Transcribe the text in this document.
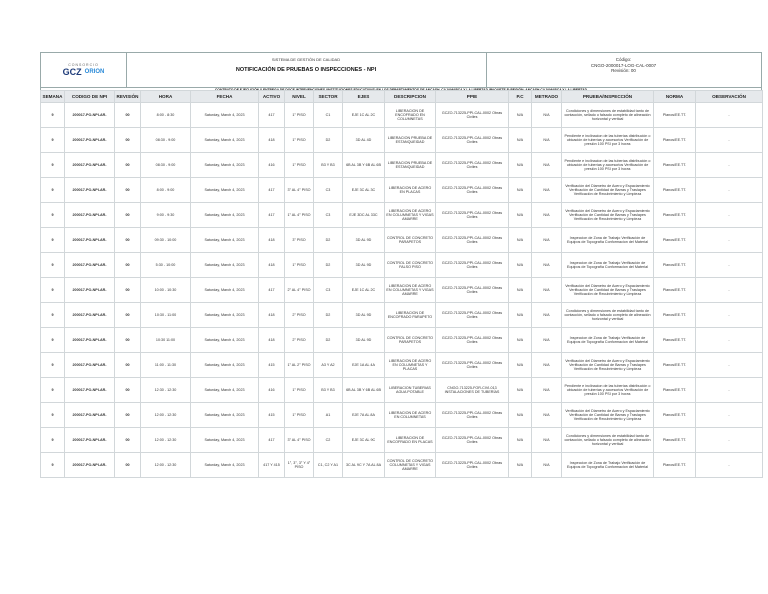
CONSORCIO
GCZ ORION
SISTEMA DE GESTIÓN DE CALIDAD
NOTIFICACIÓN DE PRUEBAS O INSPECCIONES - NPI
Código:
CNGO-2000017-LOG-CAL-0007
Revisión: 00
SEMANA	CODIGO DE NPI	REVISIÓN	HORA	FECHA	ACTIVO	NIVEL	SECTOR	EJES	DESCRIPCION	PPIE	P.C	METRADO	PRUEBA/INSPECCIÓN	NORMA	OBSERVACIÓN
9	200017-PO-NPI-AR-	00	8:00 - 8:30	Saturday, March 4, 2023	417	1° PISO	C1	EJE 1C AL 2C	LIBERACION DE ENCOFRADO EN COLUMNETAS	GCZO-713225-PPI-CAL-0002 Obras Civiles	N/A	N/A	Condiciones y dimensiones de estabilidad tanto de contacción, sellado o falsado completo de alineación horizontal y vertical	Planos/EE.TT.	-
9	200017-PO-NPI-AR-	00	08:30 - 9:00	Saturday, March 4, 2023	418	1° PISO	D2	3D AL 4D	LIBERACION PRUEBA DE ESTANQUEIDAD	GCZO-713225-PPI-CAL-0002 Obras Civiles	N/A	N/A	Pendiente e inclinacion de las tuberías distribución o ubicación de tuberías y accesorios Verificación de presión 100 PSI por 3 horas	Planos/EE.TT.	-
9	200017-PO-NPI-AR-	00	08:30 - 9:00	Saturday, March 4, 2023	416	1° PISO	B3 Y B3	6B AL 3B Y 6B AL 6B	LIBERACION PRUEBA DE ESTANQUEIDAD	GCZO-713225-PPI-CAL-0002 Obras Civiles	N/A	N/A	Pendiente e inclinacion de las tuberías distribución o ubicación de tuberías y accesorios Verificación de presión 100 PSI por 3 horas	Planos/EE.TT.	-
9	200017-PO-NPI-AR-	00	8:00 - 9:00	Saturday, March 4, 2023	417	3° AL 4° PISO	C3	EJE 3C AL 3C	LIBERACION DE ACERO EN PLACAS	GCZO-713225-PPI-CAL-0002 Obras Civiles	N/A	N/A	Verificación del Diametro de Acero y Espaciamiento Verificación de Cantidad de Barras y Traslapes Verificación de Recubrimiento y Limpieza	Planos/EE.TT.	-
9	200017-PO-NPI-AR-	00	9:00 - 9:30	Saturday, March 4, 2023	417	1° AL 4° PISO	C3	EJE 3DC AL 33C	LIBERACION DE ACERO EN COLUMNETAS Y VIGAS AMARRE	GCZO-713225-PPI-CAL-0002 Obras Civiles	N/A	N/A	Verificación del Diametro de Acero y Espaciamiento Verificación de Cantidad de Barras y Traslapes Verificación de Recubrimiento y Limpieza	Planos/EE.TT.	-
9	200017-PO-NPI-AR-	00	09:30 - 10:00	Saturday, March 4, 2023	418	3° PISO	D2	3D AL 9D	CONTROL DE CONCRETO PARAPETOS	GCZO-713225-PPI-CAL-0002 Obras Civiles	N/A	N/A	Inspeccion de Zona de Trabajo Verificación de Equipos de Topografía Conformacion del Material	Planos/EE.TT.	-
9	200017-PO-NPI-AR-	00	5:30 - 10:00	Saturday, March 4, 2023	418	1° PISO	D2	3D AL 9D	CONTROL DE CONCRETO FALSO PISO	GCZO-713225-PPI-CAL-0002 Obras Civiles	N/A	N/A	Inspeccion de Zona de Trabajo Verificación de Equipos de Topografía Conformacion del Material	Planos/EE.TT.	-
9	200017-PO-NPI-AR-	00	10:00 - 10:30	Saturday, March 4, 2023	417	2° AL 4° PISO	C3	EJE 1C AL 2C	LIBERACION DE ACERO EN COLUMNETAS Y VIGAS AMARRE	GCZO-713225-PPI-CAL-0002 Obras Civiles	N/A	N/A	Verificación del Diametro de Acero y Espaciamiento Verificación de Cantidad de Barras y Traslapes Verificación de Recubrimiento y Limpieza	Planos/EE.TT.	-
9	200017-PO-NPI-AR-	00	10:30 - 11:00	Saturday, March 4, 2023	418	2° PISO	D2	3D AL 9D	LIBERACION DE ENCOFRADO PARAPETO	GCZO-713225-PPI-CAL-0002 Obras Civiles	N/A	N/A	Condiciones y dimensiones de estabilidad tanto de contacción, sellado o falsado completo de alineación horizontal y vertical	Planos/EE.TT.	-
9	200017-PO-NPI-AR-	00	10:30 11:00	Saturday, March 4, 2023	418	2° PISO	D2	3D AL 9D	CONTROL DE CONCRETO PARAPETOS	GCZO-713225-PPI-CAL-0002 Obras Civiles	N/A	N/A	Inspeccion de Zona de Trabajo Verificación de Equipos de Topografía Conformacion del Material	Planos/EE.TT.	-
9	200017-PO-NPI-AR-	00	11:00 - 11:30	Saturday, March 4, 2023	415	1° AL 2° PISO	A3 Y A2	EJE 1A AL 4A	LIBERACION DE ACERO EN COLUMNETAS Y PLACAS	GCZO-713225-PPI-CAL-0002 Obras Civiles	N/A	N/A	Verificación del Diametro de Acero y Espaciamiento Verificación de Cantidad de Barras y Traslapes Verificación de Recubrimiento y Limpieza	Planos/EE.TT.	-
9	200017-PO-NPI-AR-	00	12:30 - 12:30	Saturday, March 4, 2023	416	1° PISO	B3 Y B3	6B AL 3B Y 6B AL 6B	LIBERACION TUBERIAS AGUA POTABLE	CNGO-713225-FOR-CIVI-013 INSTALACIONES DE TUBERÍAS	N/A	N/A	Pendiente e inclinacion de las tuberías distribución o ubicación de tuberías y accesorios Verificación de presión 100 PSI por 3 horas	Planos/EE.TT.	-
9	200017-PO-NPI-AR-	00	12:00 - 12:30	Saturday, March 4, 2023	415	1° PISO	A1	EJE 7A AL 8A	LIBERACION DE ACERO EN COLUMNETAS	GCZO-713225-PPI-CAL-0002 Obras Civiles	N/A	N/A	Verificación del Diametro de Acero y Espaciamiento Verificación de Cantidad de Barras y Traslapes Verificación de Recubrimiento y Limpieza	Planos/EE.TT.	-
9	200017-PO-NPI-AR-	00	12:00 - 12:30	Saturday, March 4, 2023	417	3° AL 4° PISO	C2	EJE 3C AL 9C	LIBERACION DE ENCOFRADO EN PLACAS	GCZO-713225-PPI-CAL-0002 Obras Civiles	N/A	N/A	Condiciones y dimensiones de estabilidad tanto de contacción, sellado o falsado completo de alineación horizontal y vertical	Planos/EE.TT.	-
9	200017-PO-NPI-AR-	00	12:00 - 12:30	Saturday, March 4, 2023	417 Y 415	1°, 3°, 3° Y 4° PISO	C1, C2 Y A1	3C AL 9C Y 7A AL 8A	CONTROL DE CONCRETO COLUMNETAS Y VIGAS AMARRE	GCZO-713225-PPI-CAL-0002 Obras Civiles	N/A	N/A	Inspeccion de Zona de Trabajo Verificación de Equipos de Topografía Conformacion del Material	Planos/EE.TT.	-
